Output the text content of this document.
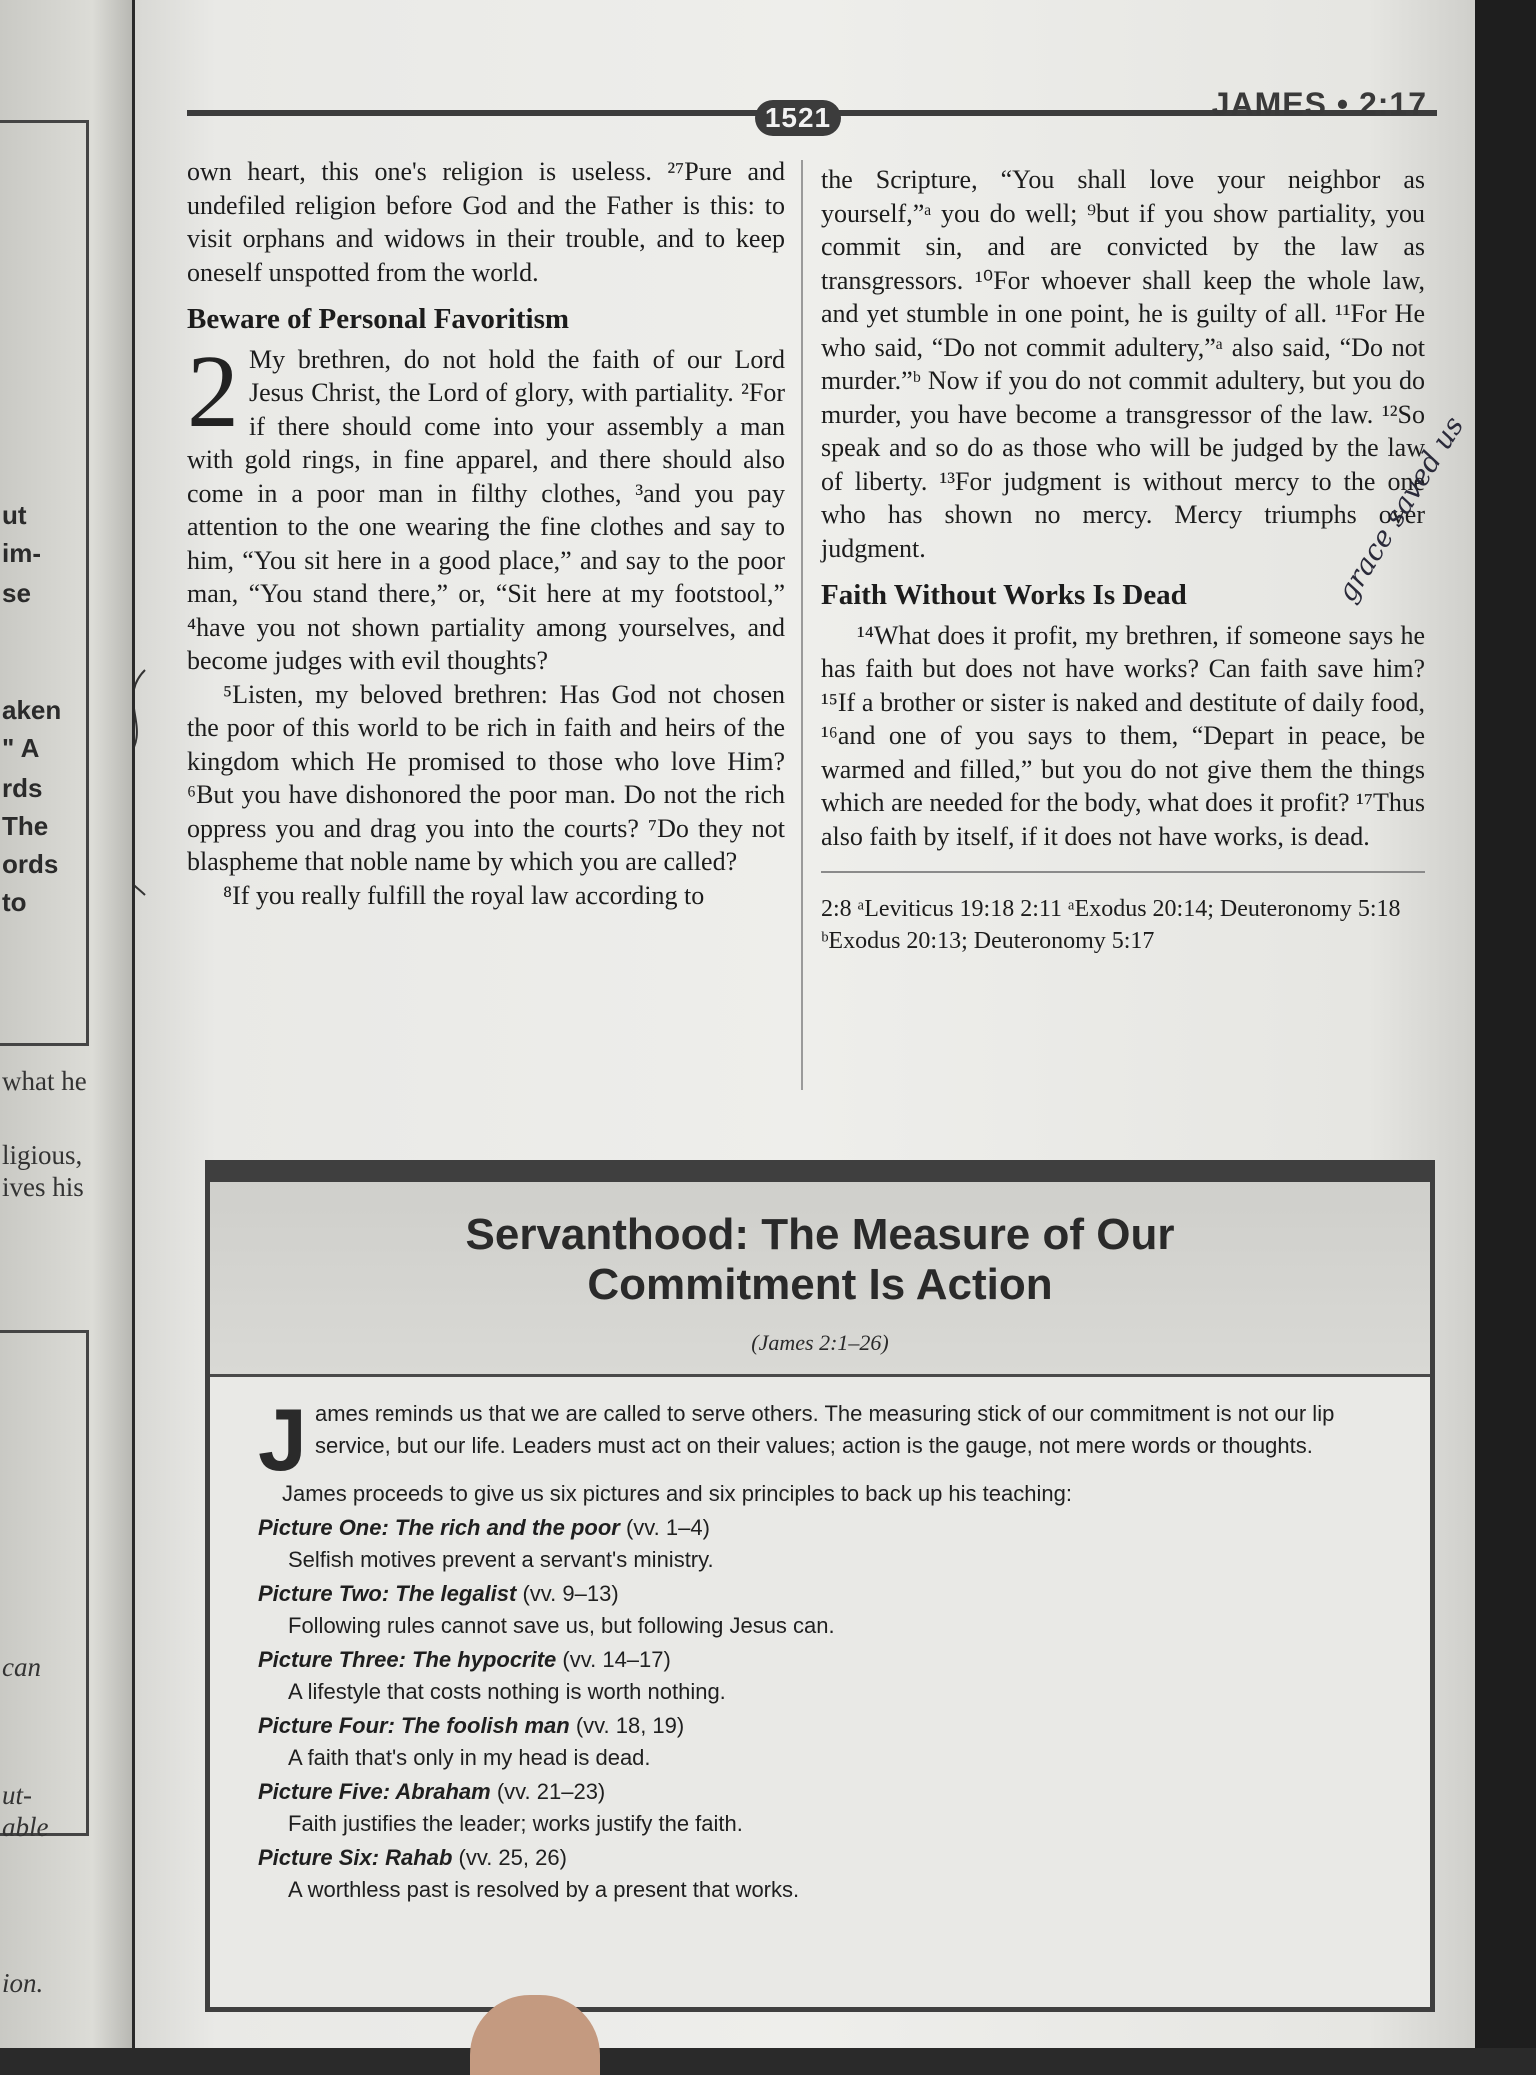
ut
im-
se
aken
" A
rds
The
ords
to
what he
ligious,
ives his
can
ut-
able
ion.
1521	JAMES • 2:17

own heart, this one's religion is useless. ²⁷Pure and undefiled religion before God and the Father is this: to visit orphans and widows in their trouble, and to keep oneself unspotted from the world.

Beware of Personal Favoritism

2 My brethren, do not hold the faith of our Lord Jesus Christ, the Lord of glory, with partiality. ²For if there should come into your assembly a man with gold rings, in fine apparel, and there should also come in a poor man in filthy clothes, ³and you pay attention to the one wearing the fine clothes and say to him, “You sit here in a good place,” and say to the poor man, “You stand there,” or, “Sit here at my footstool,” ⁴have you not shown partiality among yourselves, and become judges with evil thoughts?

⁵Listen, my beloved brethren: Has God not chosen the poor of this world to be rich in faith and heirs of the kingdom which He promised to those who love Him? ⁶But you have dishonored the poor man. Do not the rich oppress you and drag you into the courts? ⁷Do they not blaspheme that noble name by which you are called?

⁸If you really fulfill the royal law according to

the Scripture, “You shall love your neighbor as yourself,”ᵃ you do well; ⁹but if you show partiality, you commit sin, and are convicted by the law as transgressors. ¹⁰For whoever shall keep the whole law, and yet stumble in one point, he is guilty of all. ¹¹For He who said, “Do not commit adultery,”ᵃ also said, “Do not murder.”ᵇ Now if you do not commit adultery, but you do murder, you have become a transgressor of the law. ¹²So speak and so do as those who will be judged by the law of liberty. ¹³For judgment is without mercy to the one who has shown no mercy. Mercy triumphs over judgment.

Faith Without Works Is Dead

¹⁴What does it profit, my brethren, if someone says he has faith but does not have works? Can faith save him? ¹⁵If a brother or sister is naked and destitute of daily food, ¹⁶and one of you says to them, “Depart in peace, be warmed and filled,” but you do not give them the things which are needed for the body, what does it profit? ¹⁷Thus also faith by itself, if it does not have works, is dead.

2:8 ᵃLeviticus 19:18 2:11 ᵃExodus 20:14; Deuteronomy 5:18 ᵇExodus 20:13; Deuteronomy 5:17

grace saved us
Servanthood: The Measure of Our
Commitment Is Action
(James 2:1–26)

James reminds us that we are called to serve others. The measuring stick of our commitment is not our lip service, but our life. Leaders must act on their values; action is the gauge, not mere words or thoughts.

James proceeds to give us six pictures and six principles to back up his teaching:

Picture One: The rich and the poor (vv. 1–4)

Selfish motives prevent a servant's ministry.

Picture Two: The legalist (vv. 9–13)

Following rules cannot save us, but following Jesus can.

Picture Three: The hypocrite (vv. 14–17)

A lifestyle that costs nothing is worth nothing.

Picture Four: The foolish man (vv. 18, 19)

A faith that's only in my head is dead.

Picture Five: Abraham (vv. 21–23)

Faith justifies the leader; works justify the faith.

Picture Six: Rahab (vv. 25, 26)

A worthless past is resolved by a present that works.
